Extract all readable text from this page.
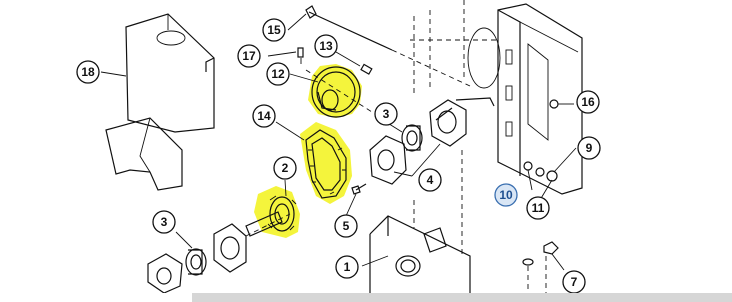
1
2
3
3
4
5
7
9
10
11
12
13
14
15
16
17
18
